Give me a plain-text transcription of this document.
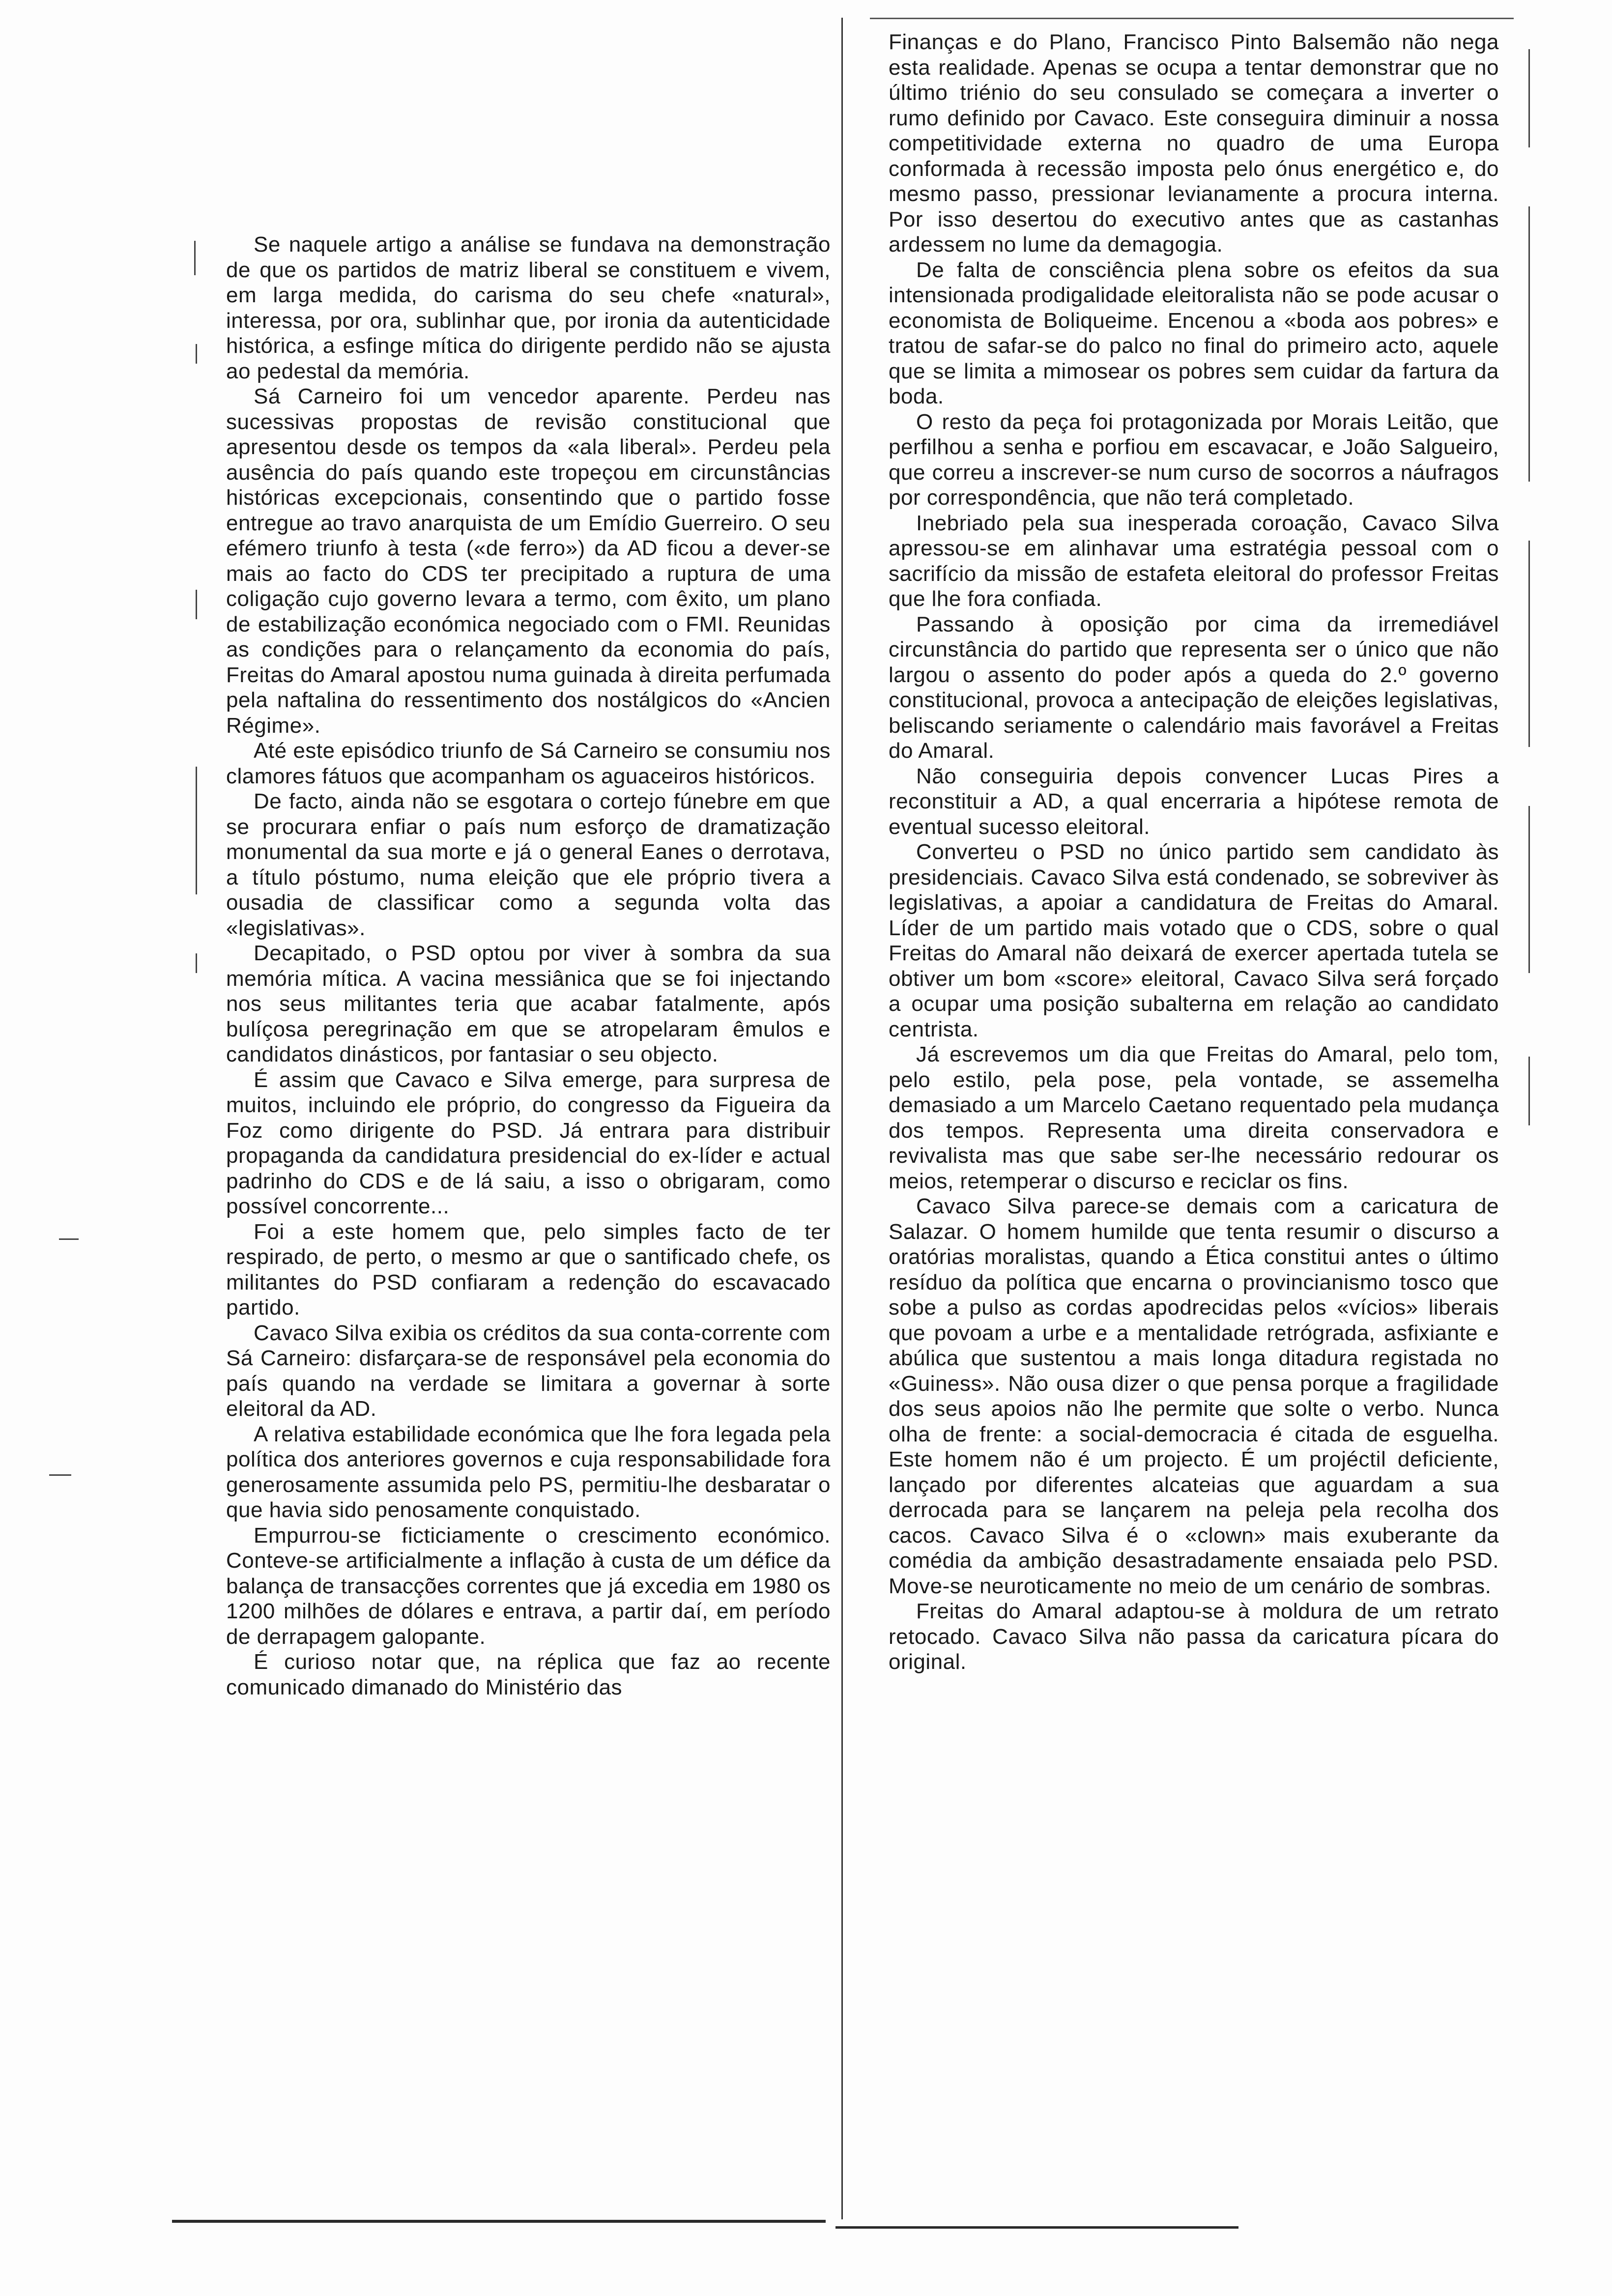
Se naquele artigo a análise se fundava na demonstração de que os partidos de matriz liberal se constituem e vivem, em larga medida, do carisma do seu chefe «natural», interessa, por ora, sublinhar que, por ironia da autenticidade histórica, a esfinge mítica do dirigente perdido não se ajusta ao pedestal da memória.

Sá Carneiro foi um vencedor aparente. Perdeu nas sucessivas propostas de revisão constitucional que apresentou desde os tempos da «ala liberal». Perdeu pela ausência do país quando este tropeçou em circunstâncias históricas excepcionais, consentindo que o partido fosse entregue ao travo anarquista de um Emídio Guerreiro. O seu efémero triunfo à testa («de ferro») da AD ficou a dever-se mais ao facto do CDS ter precipitado a ruptura de uma coligação cujo governo levara a termo, com êxito, um plano de estabilização económica negociado com o FMI. Reunidas as condições para o relançamento da economia do país, Freitas do Amaral apostou numa guinada à direita perfumada pela naftalina do ressentimento dos nostálgicos do «Ancien Régime».

Até este episódico triunfo de Sá Carneiro se consumiu nos clamores fátuos que acompanham os aguaceiros históricos.

De facto, ainda não se esgotara o cortejo fúnebre em que se procurara enfiar o país num esforço de dramatização monumental da sua morte e já o general Eanes o derrotava, a título póstumo, numa eleição que ele próprio tivera a ousadia de classificar como a segunda volta das «legislativas».

Decapitado, o PSD optou por viver à sombra da sua memória mítica. A vacina messiânica que se foi injectando nos seus militantes teria que acabar fatalmente, após bulíçosa peregrinação em que se atropelaram êmulos e candidatos dinásticos, por fantasiar o seu objecto.

É assim que Cavaco e Silva emerge, para surpresa de muitos, incluindo ele próprio, do congresso da Figueira da Foz como dirigente do PSD. Já entrara para distribuir propaganda da candidatura presidencial do ex-líder e actual padrinho do CDS e de lá saiu, a isso o obrigaram, como possível concorrente...

Foi a este homem que, pelo simples facto de ter respirado, de perto, o mesmo ar que o santificado chefe, os militantes do PSD confiaram a redenção do escavacado partido.

Cavaco Silva exibia os créditos da sua conta-corrente com Sá Carneiro: disfarçara-se de responsável pela economia do país quando na verdade se limitara a governar à sorte eleitoral da AD.

A relativa estabilidade económica que lhe fora legada pela política dos anteriores governos e cuja responsabilidade fora generosamente assumida pelo PS, permitiu-lhe desbaratar o que havia sido penosamente conquistado.

Empurrou-se ficticiamente o crescimento económico. Conteve-se artificialmente a inflação à custa de um défice da balança de transacções correntes que já excedia em 1980 os 1200 milhões de dólares e entrava, a partir daí, em período de derrapagem galopante.

É curioso notar que, na réplica que faz ao recente comunicado dimanado do Ministério das

Finanças e do Plano, Francisco Pinto Balsemão não nega esta realidade. Apenas se ocupa a tentar demonstrar que no último triénio do seu consulado se começara a inverter o rumo definido por Cavaco. Este conseguira diminuir a nossa competitividade externa no quadro de uma Europa conformada à recessão imposta pelo ónus energético e, do mesmo passo, pressionar levianamente a procura interna. Por isso desertou do executivo antes que as castanhas ardessem no lume da demagogia.

De falta de consciência plena sobre os efeitos da sua intensionada prodigalidade eleitoralista não se pode acusar o economista de Boliqueime. Encenou a «boda aos pobres» e tratou de safar-se do palco no final do primeiro acto, aquele que se limita a mimosear os pobres sem cuidar da fartura da boda.

O resto da peça foi protagonizada por Morais Leitão, que perfilhou a senha e porfiou em escavacar, e João Salgueiro, que correu a inscrever-se num curso de socorros a náufragos por correspondência, que não terá completado.

Inebriado pela sua inesperada coroação, Cavaco Silva apressou-se em alinhavar uma estratégia pessoal com o sacrifício da missão de estafeta eleitoral do professor Freitas que lhe fora confiada.

Passando à oposição por cima da irremediável circunstância do partido que representa ser o único que não largou o assento do poder após a queda do 2.º governo constitucional, provoca a antecipação de eleições legislativas, beliscando seriamente o calendário mais favorável a Freitas do Amaral.

Não conseguiria depois convencer Lucas Pires a reconstituir a AD, a qual encerraria a hipótese remota de eventual sucesso eleitoral.

Converteu o PSD no único partido sem candidato às presidenciais. Cavaco Silva está condenado, se sobreviver às legislativas, a apoiar a candidatura de Freitas do Amaral. Líder de um partido mais votado que o CDS, sobre o qual Freitas do Amaral não deixará de exercer apertada tutela se obtiver um bom «score» eleitoral, Cavaco Silva será forçado a ocupar uma posição subalterna em relação ao candidato centrista.

Já escrevemos um dia que Freitas do Amaral, pelo tom, pelo estilo, pela pose, pela vontade, se assemelha demasiado a um Marcelo Caetano requentado pela mudança dos tempos. Representa uma direita conservadora e revivalista mas que sabe ser-lhe necessário redourar os meios, retemperar o discurso e reciclar os fins.

Cavaco Silva parece-se demais com a caricatura de Salazar. O homem humilde que tenta resumir o discurso a oratórias moralistas, quando a Ética constitui antes o último resíduo da política que encarna o provincianismo tosco que sobe a pulso as cordas apodrecidas pelos «vícios» liberais que povoam a urbe e a mentalidade retrógrada, asfixiante e abúlica que sustentou a mais longa ditadura registada no «Guiness». Não ousa dizer o que pensa porque a fragilidade dos seus apoios não lhe permite que solte o verbo. Nunca olha de frente: a social-democracia é citada de esguelha. Este homem não é um projecto. É um projéctil deficiente, lançado por diferentes alcateias que aguardam a sua derrocada para se lançarem na peleja pela recolha dos cacos. Cavaco Silva é o «clown» mais exuberante da comédia da ambição desastradamente ensaiada pelo PSD. Move-se neuroticamente no meio de um cenário de sombras.

Freitas do Amaral adaptou-se à moldura de um retrato retocado. Cavaco Silva não passa da caricatura pícara do original.
